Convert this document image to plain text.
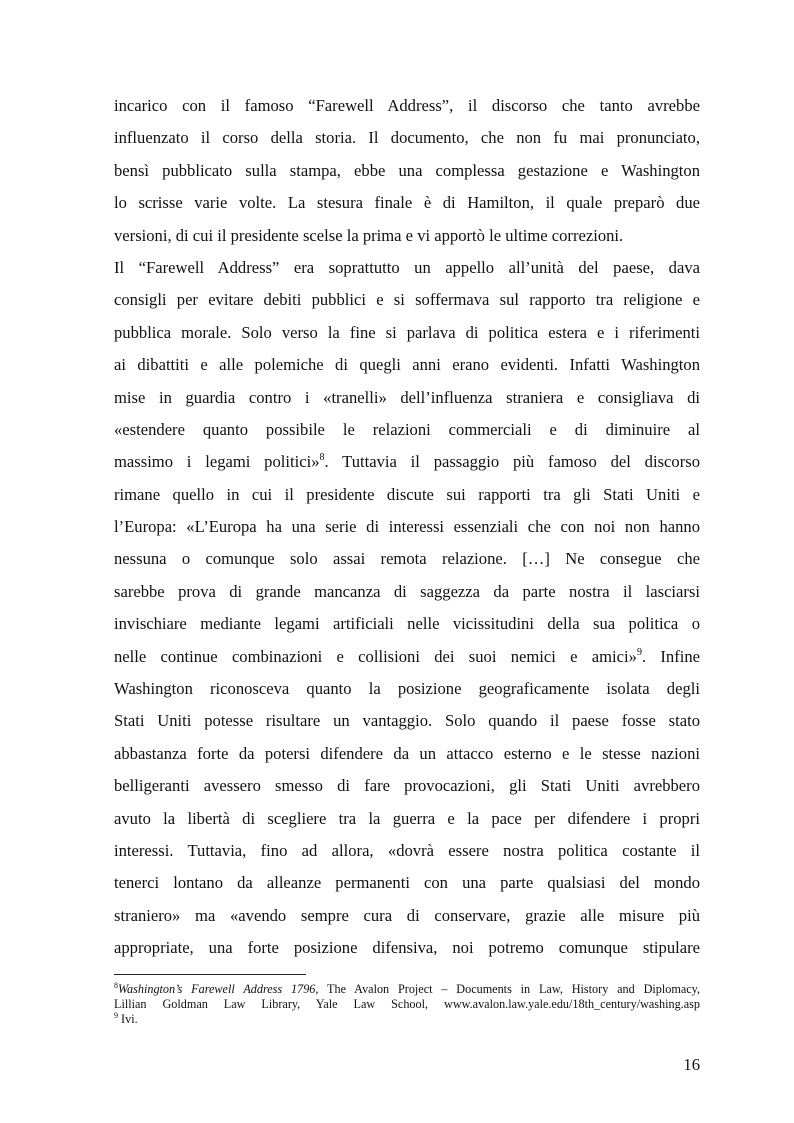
incarico con il famoso “Farewell Address”, il discorso che tanto avrebbe
influenzato il corso della storia. Il documento, che non fu mai pronunciato,
bensì pubblicato sulla stampa, ebbe una complessa gestazione e Washington
lo scrisse varie volte. La stesura finale è di Hamilton, il quale preparò due
versioni, di cui il presidente scelse la prima e vi apportò le ultime correzioni.
Il “Farewell Address” era soprattutto un appello all’unità del paese, dava
consigli per evitare debiti pubblici e si soffermava sul rapporto tra religione e
pubblica morale. Solo verso la fine si parlava di politica estera e i riferimenti
ai dibattiti e alle polemiche di quegli anni erano evidenti. Infatti Washington
mise in guardia contro i «tranelli» dell’influenza straniera e consigliava di
«estendere quanto possibile le relazioni commerciali e di diminuire al
massimo i legami politici»$^8$. Tuttavia il passaggio più famoso del discorso
rimane quello in cui il presidente discute sui rapporti tra gli Stati Uniti e
l’Europa: «L’Europa ha una serie di interessi essenziali che con noi non hanno
nessuna o comunque solo assai remota relazione. […] Ne consegue che
sarebbe prova di grande mancanza di saggezza da parte nostra il lasciarsi
invischiare mediante legami artificiali nelle vicissitudini della sua politica o
nelle continue combinazioni e collisioni dei suoi nemici e amici»$^9$. Infine
Washington riconosceva quanto la posizione geograficamente isolata degli
Stati Uniti potesse risultare un vantaggio. Solo quando il paese fosse stato
abbastanza forte da potersi difendere da un attacco esterno e le stesse nazioni
belligeranti avessero smesso di fare provocazioni, gli Stati Uniti avrebbero
avuto la libertà di scegliere tra la guerra e la pace per difendere i propri
interessi. Tuttavia, fino ad allora, «dovrà essere nostra politica costante il
tenerci lontano da alleanze permanenti con una parte qualsiasi del mondo
straniero» ma «avendo sempre cura di conservare, grazie alle misure più
appropriate, una forte posizione difensiva, noi potremo comunque stipulare
$^8$Washington’s Farewell Address 1796, The Avalon Project – Documents in Law, History and Diplomacy,
Lillian Goldman Law Library, Yale Law School, www.avalon.law.yale.edu/18th_century/washing.asp
$^9$ Ivi.
16
